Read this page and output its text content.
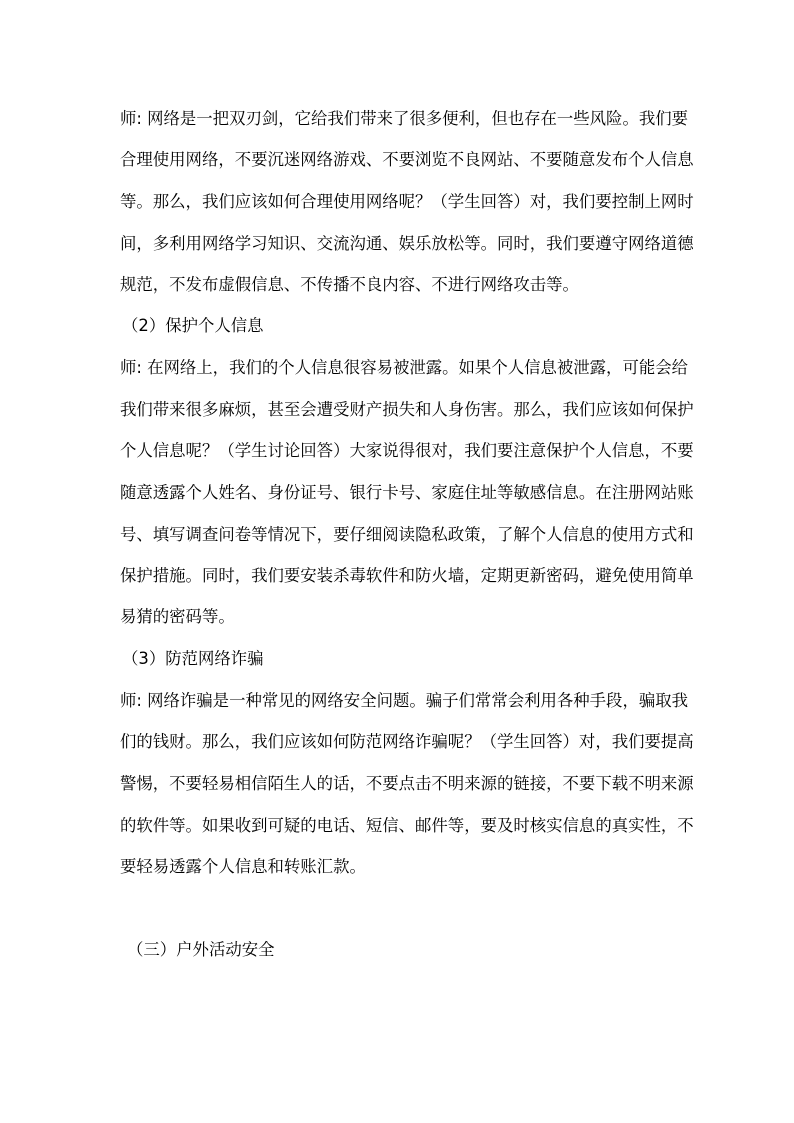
师: 网络是一把双刃剑，它给我们带来了很多便利，但也存在一些风险。我们要
合理使用网络，不要沉迷网络游戏、不要浏览不良网站、不要随意发布个人信息
等。那么，我们应该如何合理使用网络呢？（学生回答）对，我们要控制上网时
间，多利用网络学习知识、交流沟通、娱乐放松等。同时，我们要遵守网络道德
规范，不发布虚假信息、不传播不良内容、不进行网络攻击等。
（2）保护个人信息
师: 在网络上，我们的个人信息很容易被泄露。如果个人信息被泄露，可能会给
我们带来很多麻烦，甚至会遭受财产损失和人身伤害。那么，我们应该如何保护
个人信息呢？（学生讨论回答）大家说得很对，我们要注意保护个人信息，不要
随意透露个人姓名、身份证号、银行卡号、家庭住址等敏感信息。在注册网站账
号、填写调查问卷等情况下，要仔细阅读隐私政策，了解个人信息的使用方式和
保护措施。同时，我们要安装杀毒软件和防火墙，定期更新密码，避免使用简单
易猜的密码等。
（3）防范网络诈骗
师: 网络诈骗是一种常见的网络安全问题。骗子们常常会利用各种手段，骗取我
们的钱财。那么，我们应该如何防范网络诈骗呢？（学生回答）对，我们要提高
警惕，不要轻易相信陌生人的话，不要点击不明来源的链接，不要下载不明来源
的软件等。如果收到可疑的电话、短信、邮件等，要及时核实信息的真实性，不
要轻易透露个人信息和转账汇款。
（三）户外活动安全
